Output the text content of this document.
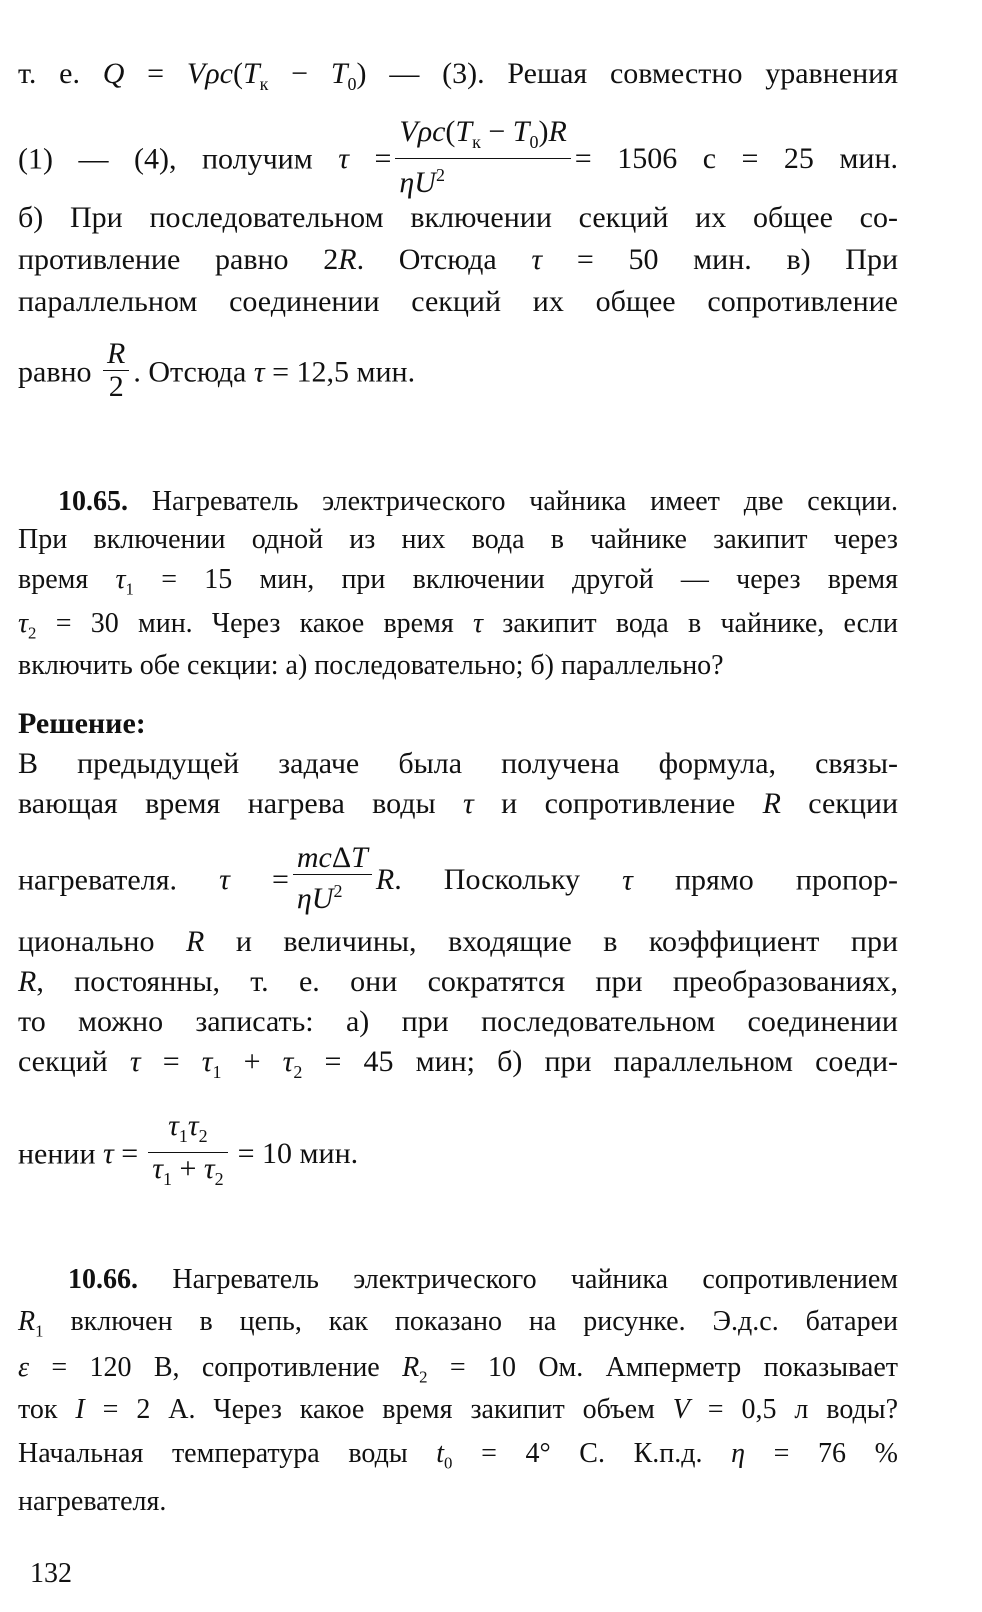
т. е. $Q = V\rho c(T_к - T_0)$ — (3). Решая совместно уравнения
(1) — (4), получим $\tau = \frac{V\rho c(T_к - T_0)R}{\eta U^2} = 1506$ с = 25 мин.
б) При последовательном включении секций их общее со-
противление равно 2R. Отсюда τ = 50 мин. в) При
параллельном соединении секций их общее сопротивление
равно $\frac{R}{2}$ . Отсюда τ = 12,5 мин.
10.65. Нагреватель электрического чайника имеет две секции.
При включении одной из них вода в чайнике закипит через
время $\tau_1 = 15$ мин, при включении другой — через время
$\tau_2 = 30$ мин. Через какое время τ закипит вода в чайнике, если
включить обе секции: а) последовательно; б) параллельно?
Решение:
В предыдущей задаче была получена формула, связы-
вающая время нагрева воды τ и сопротивление R секции
нагревателя. $\tau = \frac{\text{mcΔT}}{\eta U^2} R$. Поскольку τ прямо пропор-
ционально R и величины, входящие в коэффициент при
R, постоянны, т. е. они сократятся при преобразованиях,
то можно записать: а) при последовательном соединении
секций $\tau = \tau_1 + \tau_2 = 45$ мин; б) при параллельном соеди-
нении $\tau = \frac{\tau_1\tau_2}{\tau_1 + \tau_2} = 10$ мин.
10.66. Нагреватель электрического чайника сопротивлением
$R_1$ включен в цепь, как показано на рисунке. Э.д.с. батареи
ε = 120 В, сопротивление $R_2 = 10$ Ом. Амперметр показывает
ток I = 2 А. Через какое время закипит объем V = 0,5 л воды?
Начальная температура воды $t_0 = 4^\circ$ С. К.п.д. η = 76 %
нагревателя.
132
